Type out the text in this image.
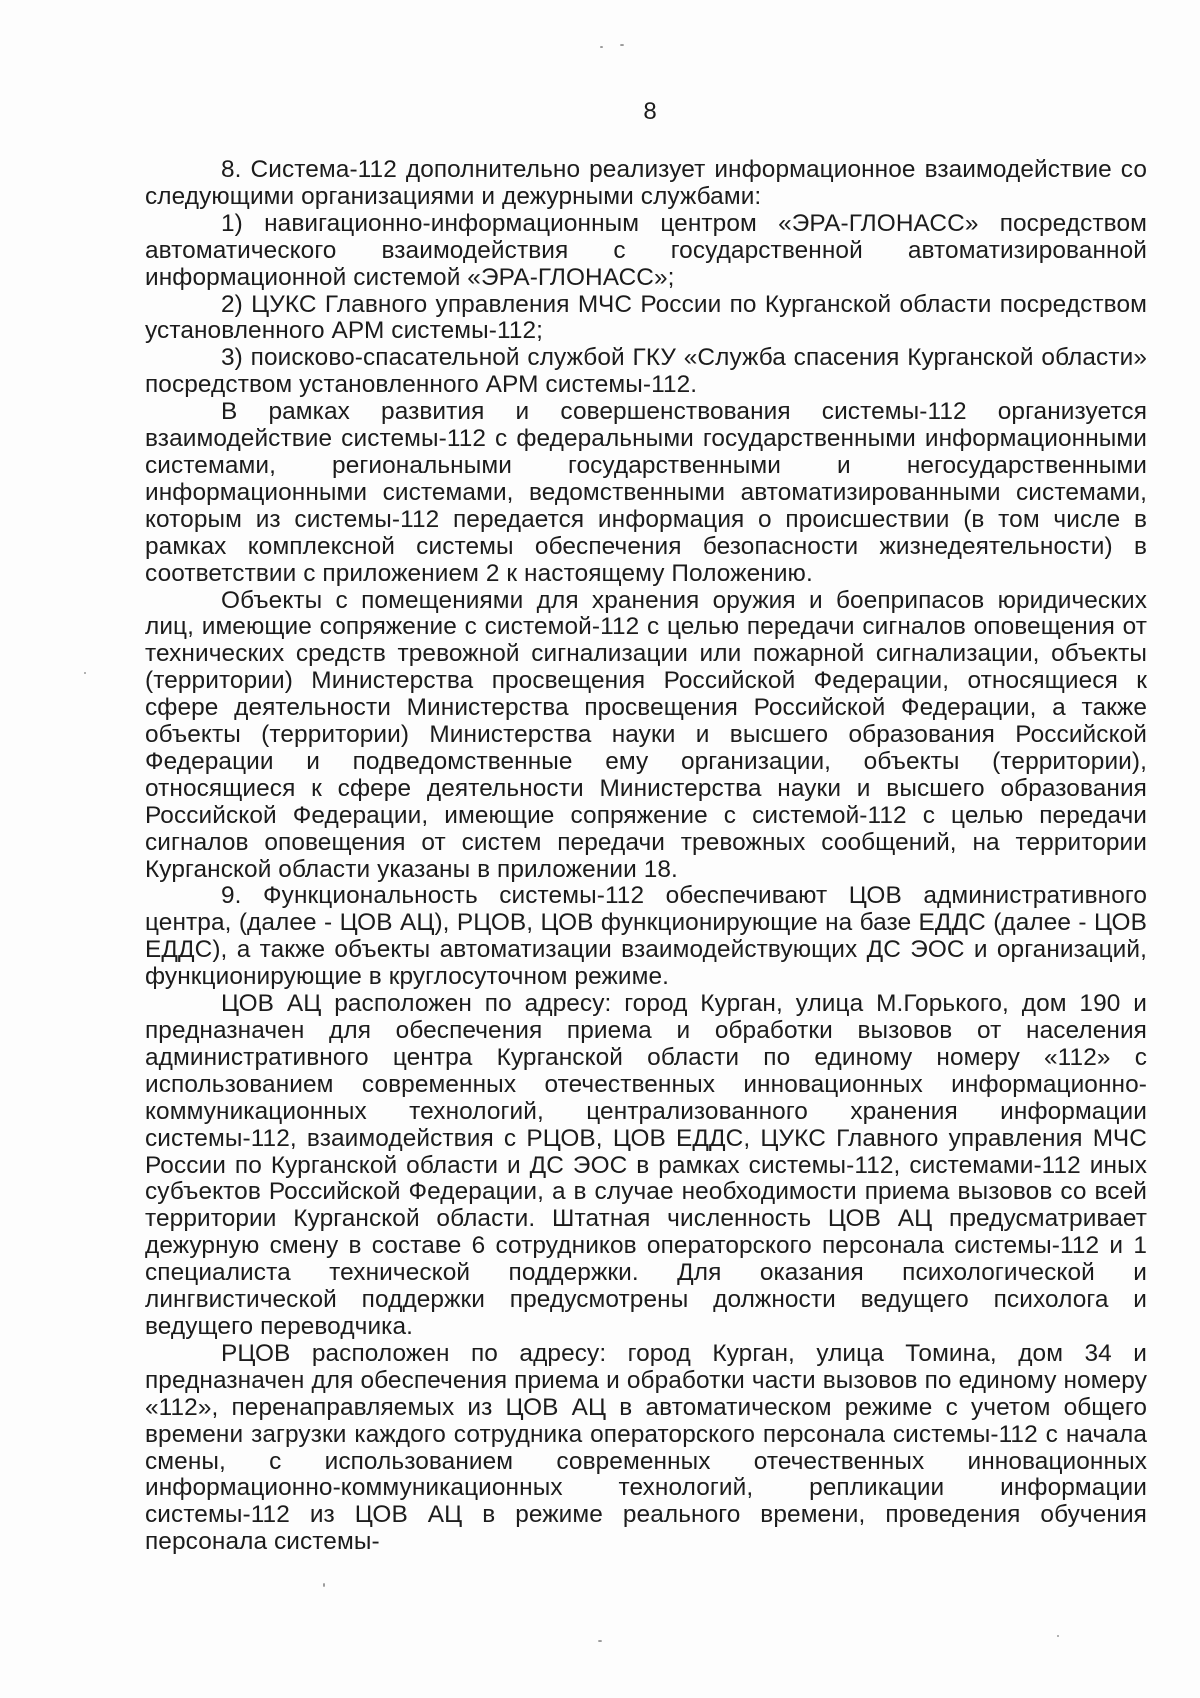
8

8. Система-112 дополнительно реализует информационное взаимодействие со следующими организациями и дежурными службами:

1) навигационно-информационным центром «ЭРА-ГЛОНАСС» посредством автоматического взаимодействия с государственной автоматизированной информационной системой «ЭРА-ГЛОНАСС»;

2) ЦУКС Главного управления МЧС России по Курганской области посредством установленного АРМ системы-112;

3) поисково-спасательной службой ГКУ «Служба спасения Курганской области» посредством установленного АРМ системы-112.

В рамках развития и совершенствования системы-112 организуется взаимодействие системы-112 с федеральными государственными информационными системами, региональными государственными и негосударственными информационными системами, ведомственными автоматизированными системами, которым из системы-112 передается информация о происшествии (в том числе в рамках комплексной системы обеспечения безопасности жизнедеятельности) в соответствии с приложением 2 к настоящему Положению.

Объекты с помещениями для хранения оружия и боеприпасов юридических лиц, имеющие сопряжение с системой-112 с целью передачи сигналов оповещения от технических средств тревожной сигнализации или пожарной сигнализации, объекты (территории) Министерства просвещения Российской Федерации, относящиеся к сфере деятельности Министерства просвещения Российской Федерации, а также объекты (территории) Министерства науки и высшего образования Российской Федерации и подведомственные ему организации, объекты (территории), относящиеся к сфере деятельности Министерства науки и высшего образования Российской Федерации, имеющие сопряжение с системой-112 с целью передачи сигналов оповещения от систем передачи тревожных сообщений, на территории Курганской области указаны в приложении 18.

9. Функциональность системы-112 обеспечивают ЦОВ административного центра, (далее - ЦОВ АЦ), РЦОВ, ЦОВ функционирующие на базе ЕДДС (далее - ЦОВ ЕДДС), а также объекты автоматизации взаимодействующих ДС ЭОС и организаций, функционирующие в круглосуточном режиме.

ЦОВ АЦ расположен по адресу: город Курган, улица М.Горького, дом 190 и предназначен для обеспечения приема и обработки вызовов от населения административного центра Курганской области по единому номеру «112» с использованием современных отечественных инновационных информационно-коммуникационных технологий, централизованного хранения информации системы-112, взаимодействия с РЦОВ, ЦОВ ЕДДС, ЦУКС Главного управления МЧС России по Курганской области и ДС ЭОС в рамках системы-112, системами-112 иных субъектов Российской Федерации, а в случае необходимости приема вызовов со всей территории Курганской области. Штатная численность ЦОВ АЦ предусматривает дежурную смену в составе 6 сотрудников операторского персонала системы-112 и 1 специалиста технической поддержки. Для оказания психологической и лингвистической поддержки предусмотрены должности ведущего психолога и ведущего переводчика.

РЦОВ расположен по адресу: город Курган, улица Томина, дом 34 и предназначен для обеспечения приема и обработки части вызовов по единому номеру «112», перенаправляемых из ЦОВ АЦ в автоматическом режиме с учетом общего времени загрузки каждого сотрудника операторского персонала системы-112 с начала смены, с использованием современных отечественных инновационных информационно-коммуникационных технологий, репликации информации системы-112 из ЦОВ АЦ в режиме реального времени, проведения обучения персонала системы-
